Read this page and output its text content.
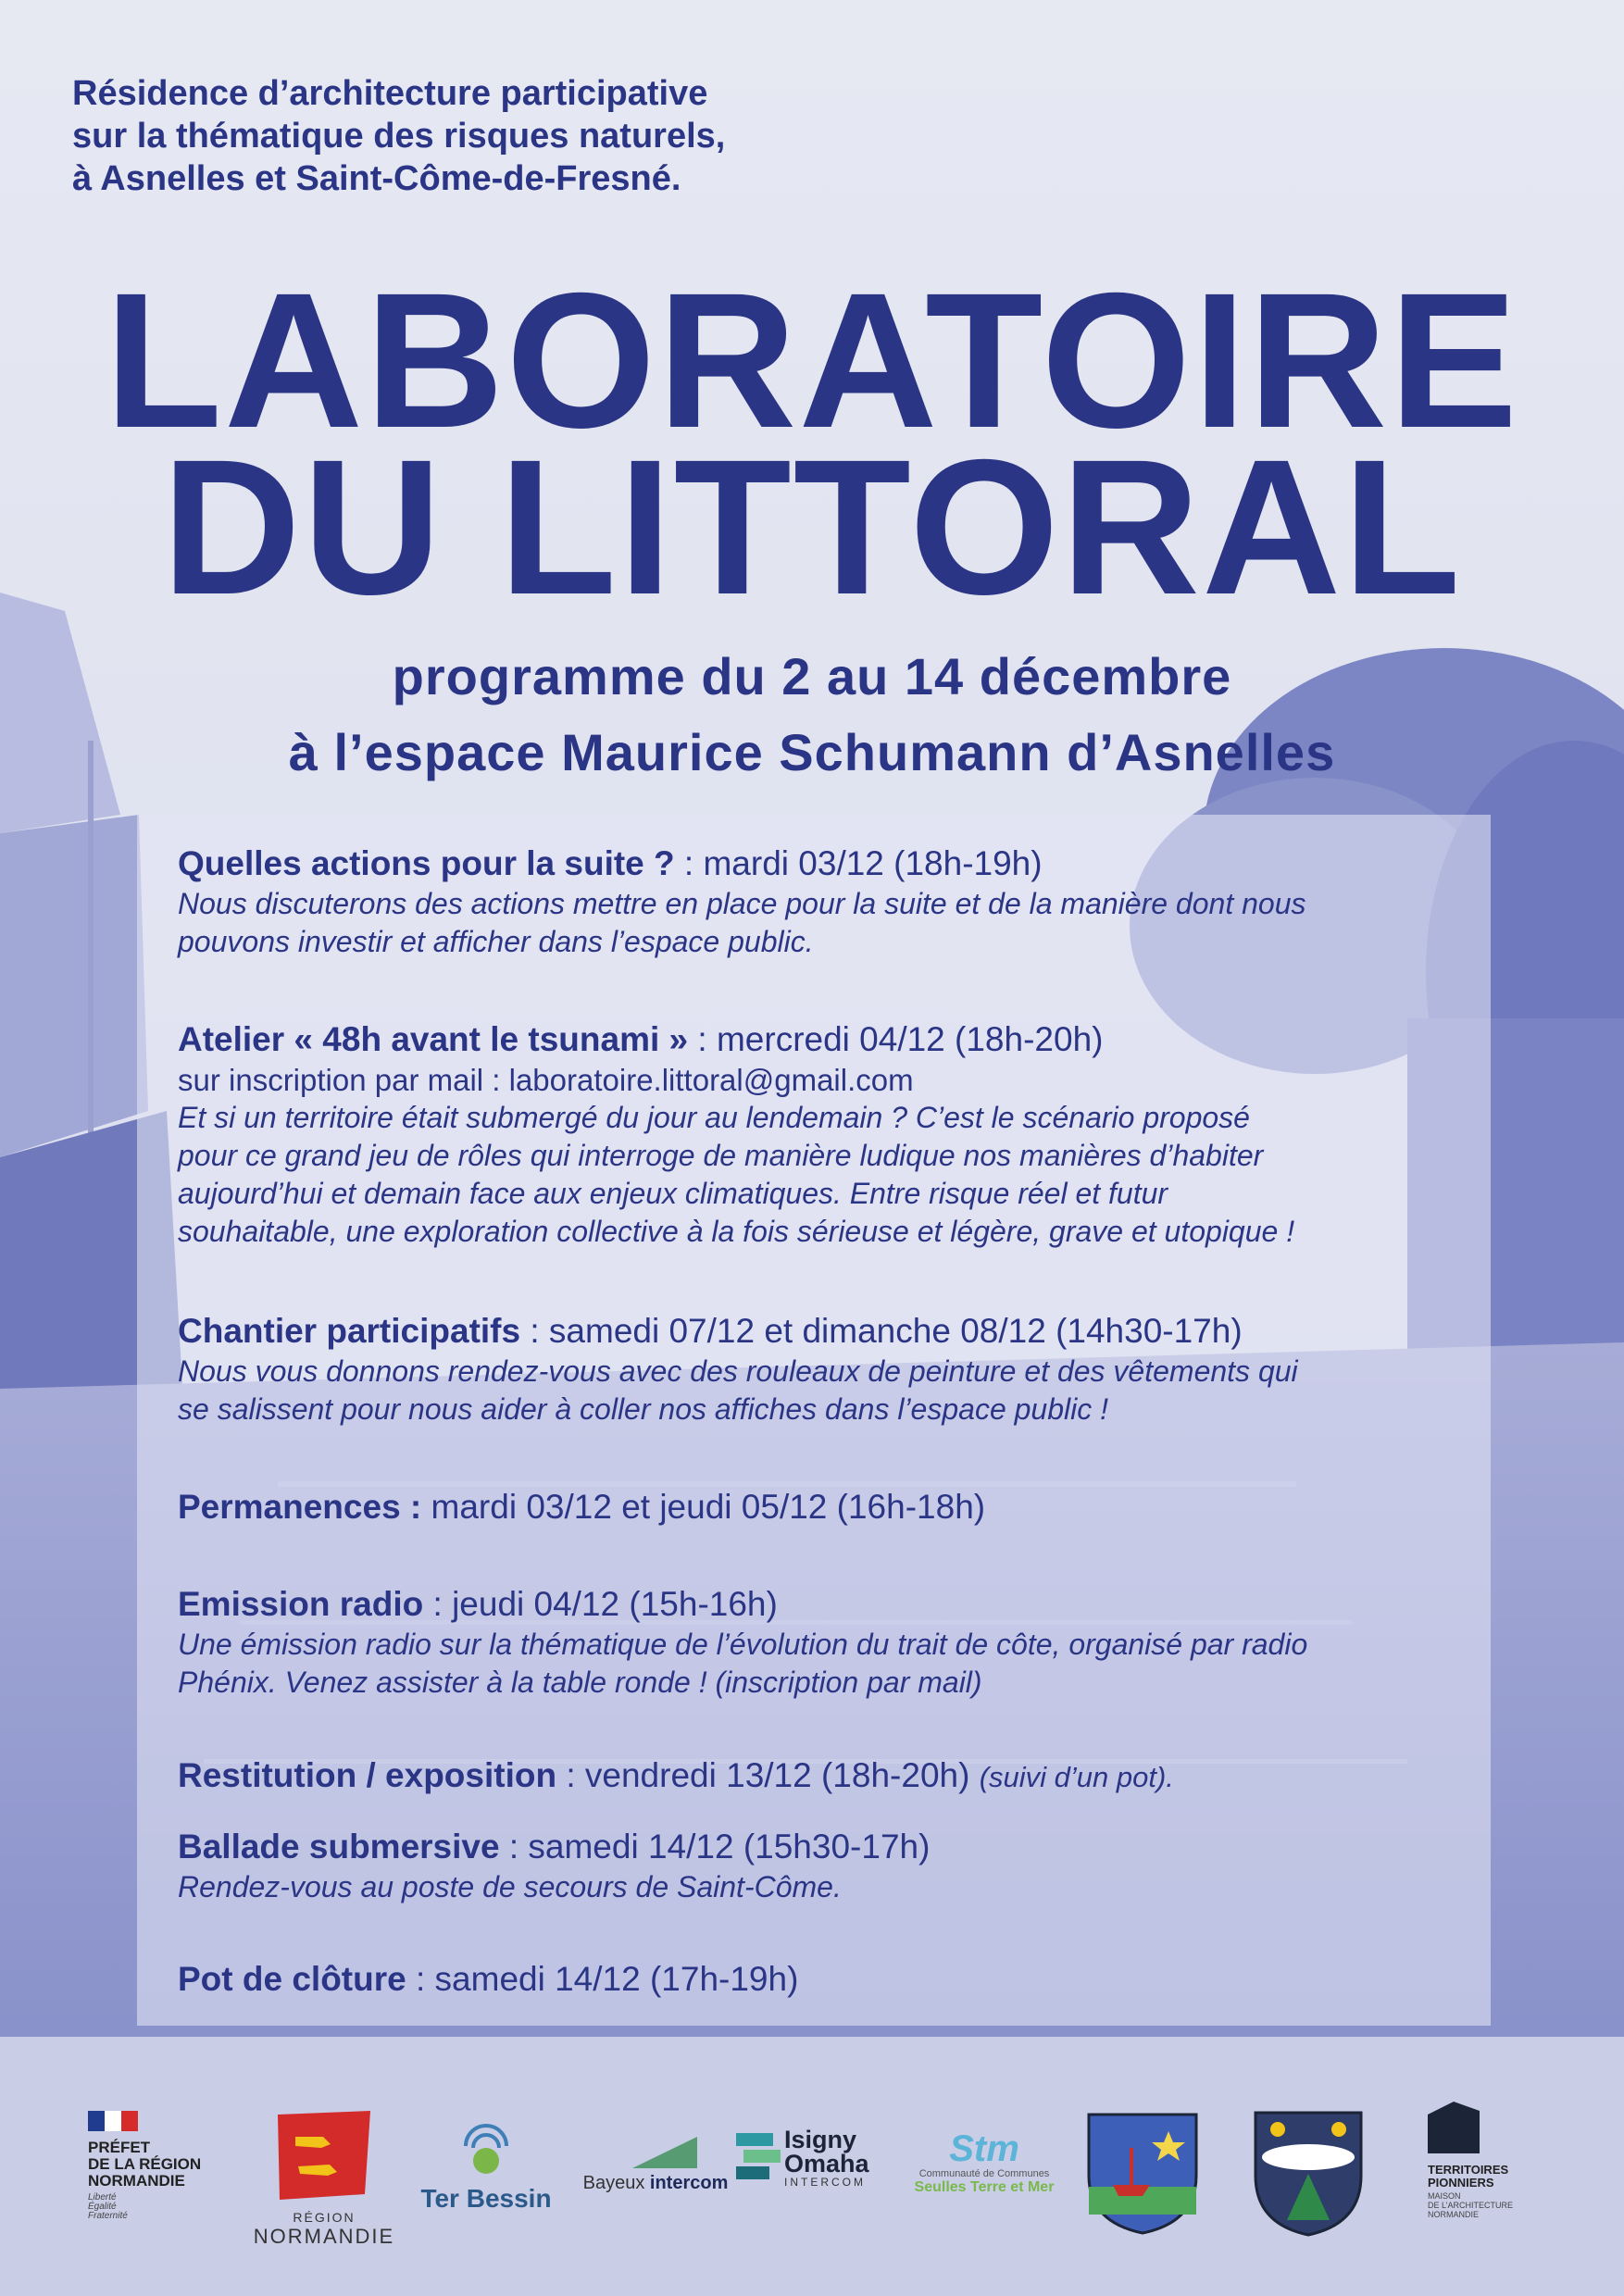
Résidence d’architecture participative
sur la thématique des risques naturels,
à Asnelles et Saint-Côme-de-Fresné.
LABORATOIRE
DU LITTORAL
programme du 2 au 14 décembre
à l’espace Maurice Schumann d’Asnelles
Quelles actions pour la suite ? : mardi 03/12 (18h-19h)
Nous discuterons des actions mettre en place pour la suite et de la manière dont nous
pouvons investir et afficher dans l’espace public.
Atelier « 48h avant le tsunami » : mercredi 04/12 (18h-20h)
sur inscription par mail : laboratoire.littoral@gmail.com
Et si un territoire était submergé du jour au lendemain ? C’est le scénario proposé
pour ce grand jeu de rôles qui interroge de manière ludique nos manières d’habiter
aujourd’hui et demain face aux enjeux climatiques. Entre risque réel et futur
souhaitable, une exploration collective à la fois sérieuse et légère, grave et utopique !
Chantier participatifs : samedi 07/12 et dimanche 08/12 (14h30-17h)
Nous vous donnons rendez-vous avec des rouleaux de peinture et des vêtements qui
se salissent pour nous aider à coller nos affiches dans l’espace public !
Permanences : mardi 03/12 et jeudi 05/12 (16h-18h)
Emission radio : jeudi 04/12 (15h-16h)
Une émission radio sur la thématique de l’évolution du trait de côte, organisé par radio
Phénix. Venez assister à la table ronde ! (inscription par mail)
Restitution / exposition : vendredi 13/12 (18h-20h) (suivi d’un pot).
Ballade submersive : samedi 14/12 (15h30-17h)
Rendez-vous au poste de secours de Saint-Côme.
Pot de clôture : samedi 14/12 (17h-19h)
PRÉFET
DE LA RÉGION
NORMANDIE
Liberté
Égalité
Fraternité	RÉGION
NORMANDIE
Ter Bessin
Bayeux intercom
Isigny
Omaha
INTERCOM
Stm
Communauté de Communes
Seulles Terre et Mer
TERRITOIRES
PIONNIERS
MAISON
DE L’ARCHITECTURE
NORMANDIE
